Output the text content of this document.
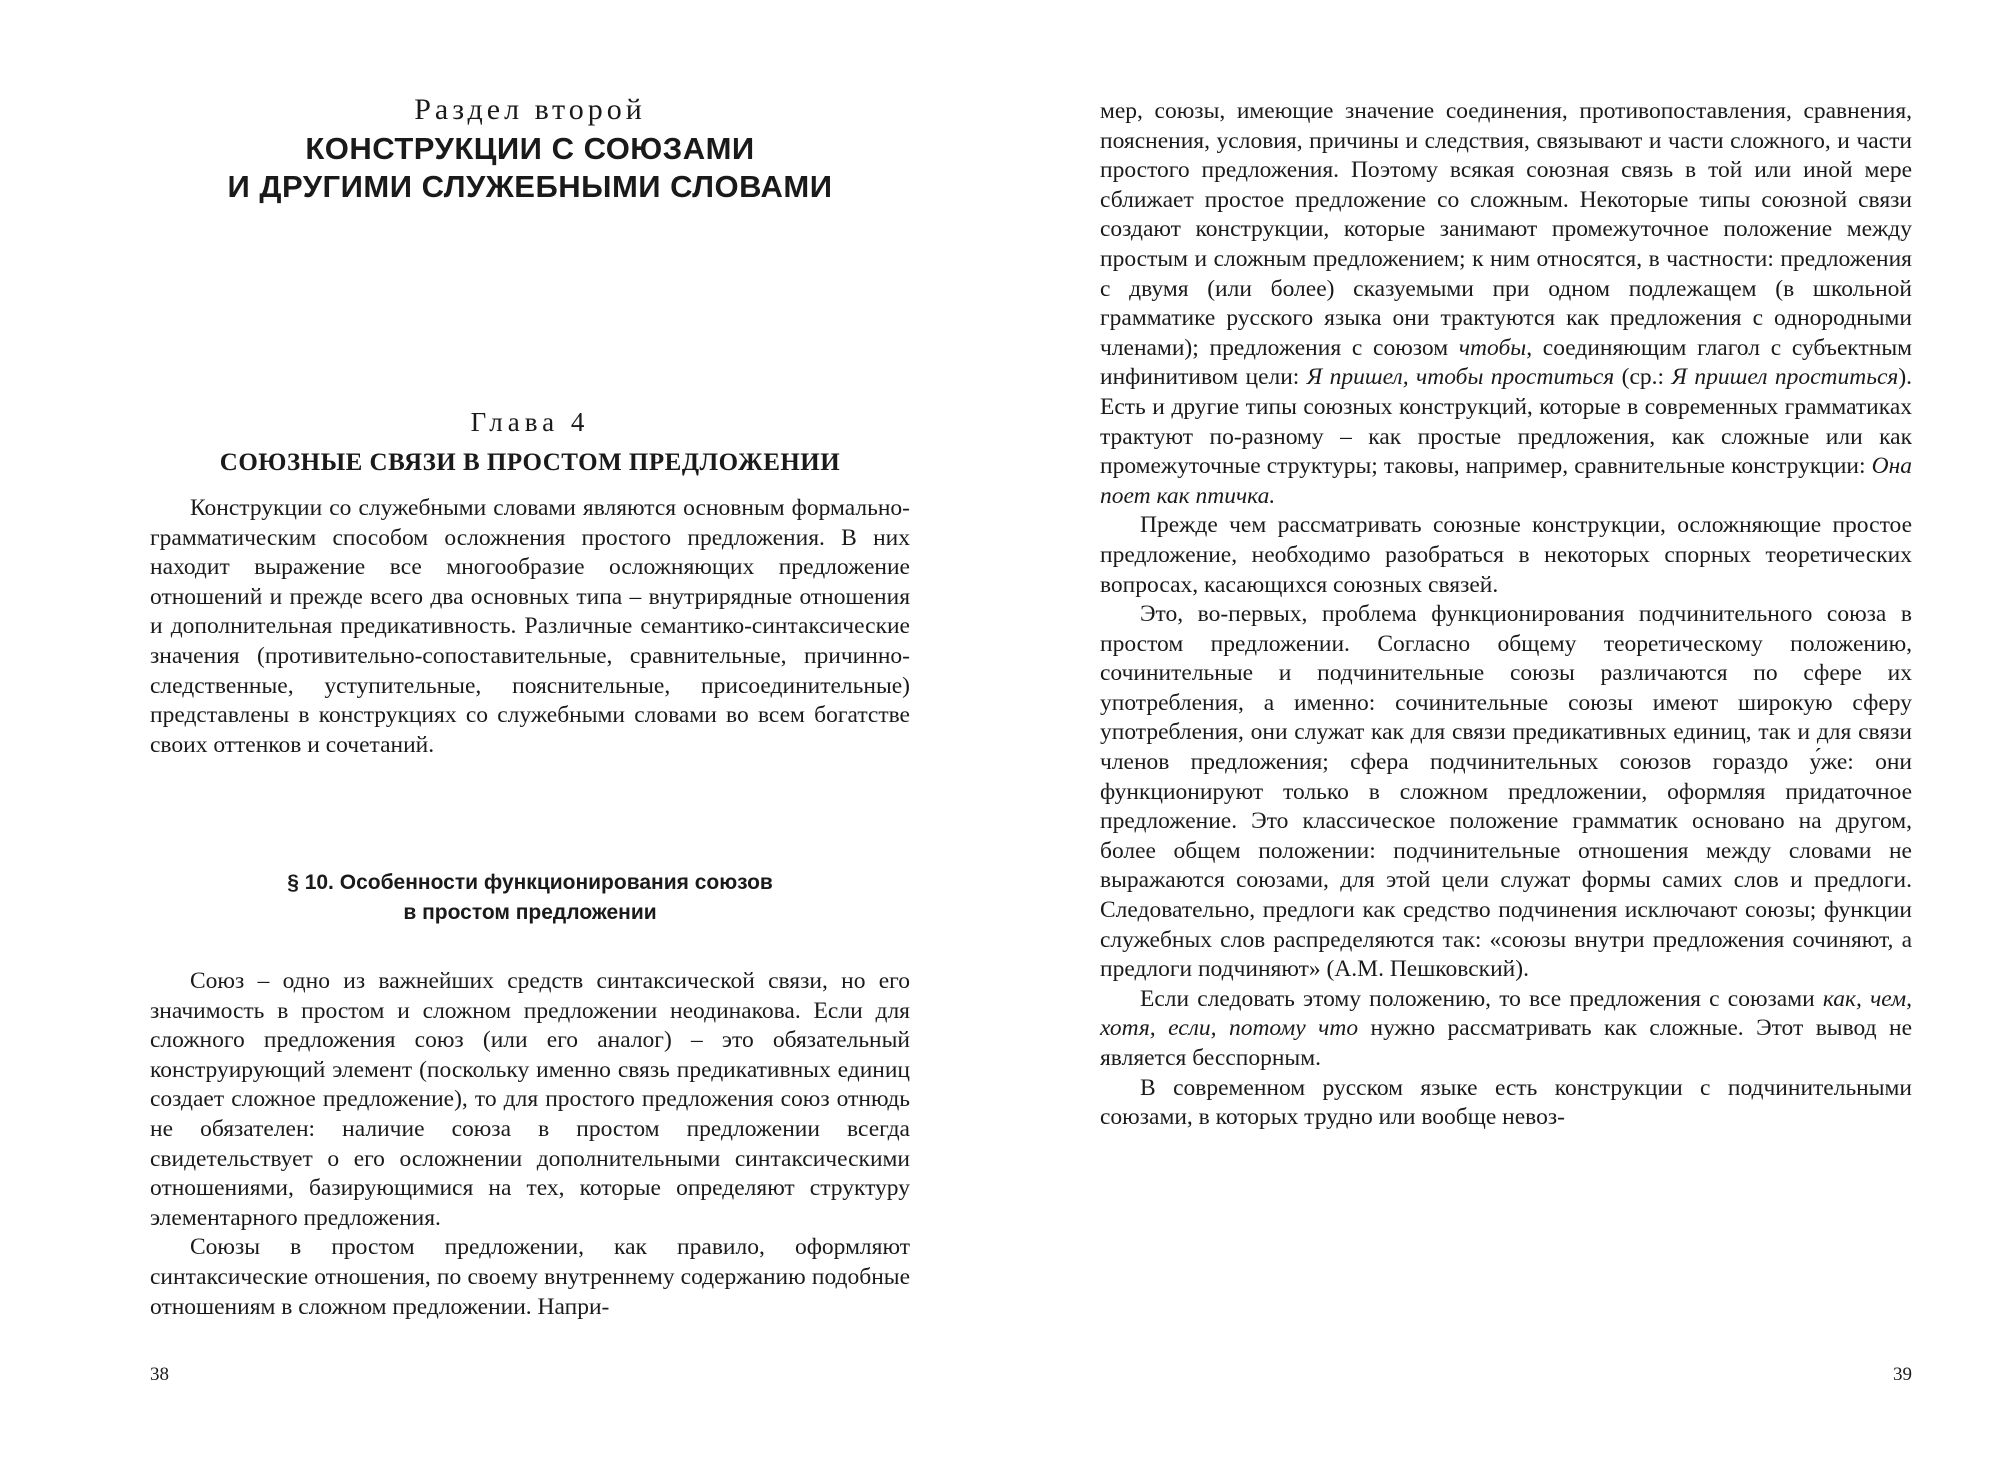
Раздел второй
КОНСТРУКЦИИ С СОЮЗАМИ
И ДРУГИМИ СЛУЖЕБНЫМИ СЛОВАМИ
Глава 4
СОЮЗНЫЕ СВЯЗИ В ПРОСТОМ ПРЕДЛОЖЕНИИ

Конструкции со служебными словами являются основным формально-грамматическим способом осложнения простого предложения. В них находит выражение все многообразие осложняющих предложение отношений и прежде всего два основных типа – внутрирядные отношения и дополнительная предикативность. Различные семантико-синтаксические значения (противительно-сопоставительные, сравнительные, причинно-следственные, уступительные, пояснительные, присоединительные) представлены в конструкциях со служебными словами во всем богатстве своих оттенков и сочетаний.

§ 10. Особенности функционирования союзов
в простом предложении

Союз – одно из важнейших средств синтаксической связи, но его значимость в простом и сложном предложении неодинакова. Если для сложного предложения союз (или его аналог) – это обязательный конструирующий элемент (поскольку именно связь предикативных единиц создает сложное предложение), то для простого предложения союз отнюдь не обязателен: наличие союза в простом предложении всегда свидетельствует о его осложнении дополнительными синтаксическими отношениями, базирующимися на тех, которые определяют структуру элементарного предложения.

Союзы в простом предложении, как правило, оформляют синтаксические отношения, по своему внутреннему содержанию подобные отношениям в сложном предложении. Напри-

38

мер, союзы, имеющие значение соединения, противопоставления, сравнения, пояснения, условия, причины и следствия, связывают и части сложного, и части простого предложения. Поэтому всякая союзная связь в той или иной мере сближает простое предложение со сложным. Некоторые типы союзной связи создают конструкции, которые занимают промежуточное положение между простым и сложным предложением; к ним относятся, в частности: предложения с двумя (или более) сказуемыми при одном подлежащем (в школьной грамматике русского языка они трактуются как предложения с однородными членами); предложения с союзом чтобы, соединяющим глагол с субъектным инфинитивом цели: Я пришел, чтобы проститься (ср.: Я пришел проститься). Есть и другие типы союзных конструкций, которые в современных грамматиках трактуют по-разному – как простые предложения, как сложные или как промежуточные структуры; таковы, например, сравнительные конструкции: Она поет как птичка.

Прежде чем рассматривать союзные конструкции, осложняющие простое предложение, необходимо разобраться в некоторых спорных теоретических вопросах, касающихся союзных связей.

Это, во-первых, проблема функционирования подчинительного союза в простом предложении. Согласно общему теоретическому положению, сочинительные и подчинительные союзы различаются по сфере их употребления, а именно: сочинительные союзы имеют широкую сферу употребления, они служат как для связи предикативных единиц, так и для связи членов предложения; сфера подчинительных союзов гораздо у́же: они функционируют только в сложном предложении, оформляя придаточное предложение. Это классическое положение грамматик основано на другом, более общем положении: подчинительные отношения между словами не выражаются союзами, для этой цели служат формы самих слов и предлоги. Следовательно, предлоги как средство подчинения исключают союзы; функции служебных слов распределяются так: «союзы внутри предложения сочиняют, а предлоги подчиняют» (А.М. Пешковский).

Если следовать этому положению, то все предложения с союзами как, чем, хотя, если, потому что нужно рассматривать как сложные. Этот вывод не является бесспорным.

В современном русском языке есть конструкции с подчинительными союзами, в которых трудно или вообще невоз-

39
